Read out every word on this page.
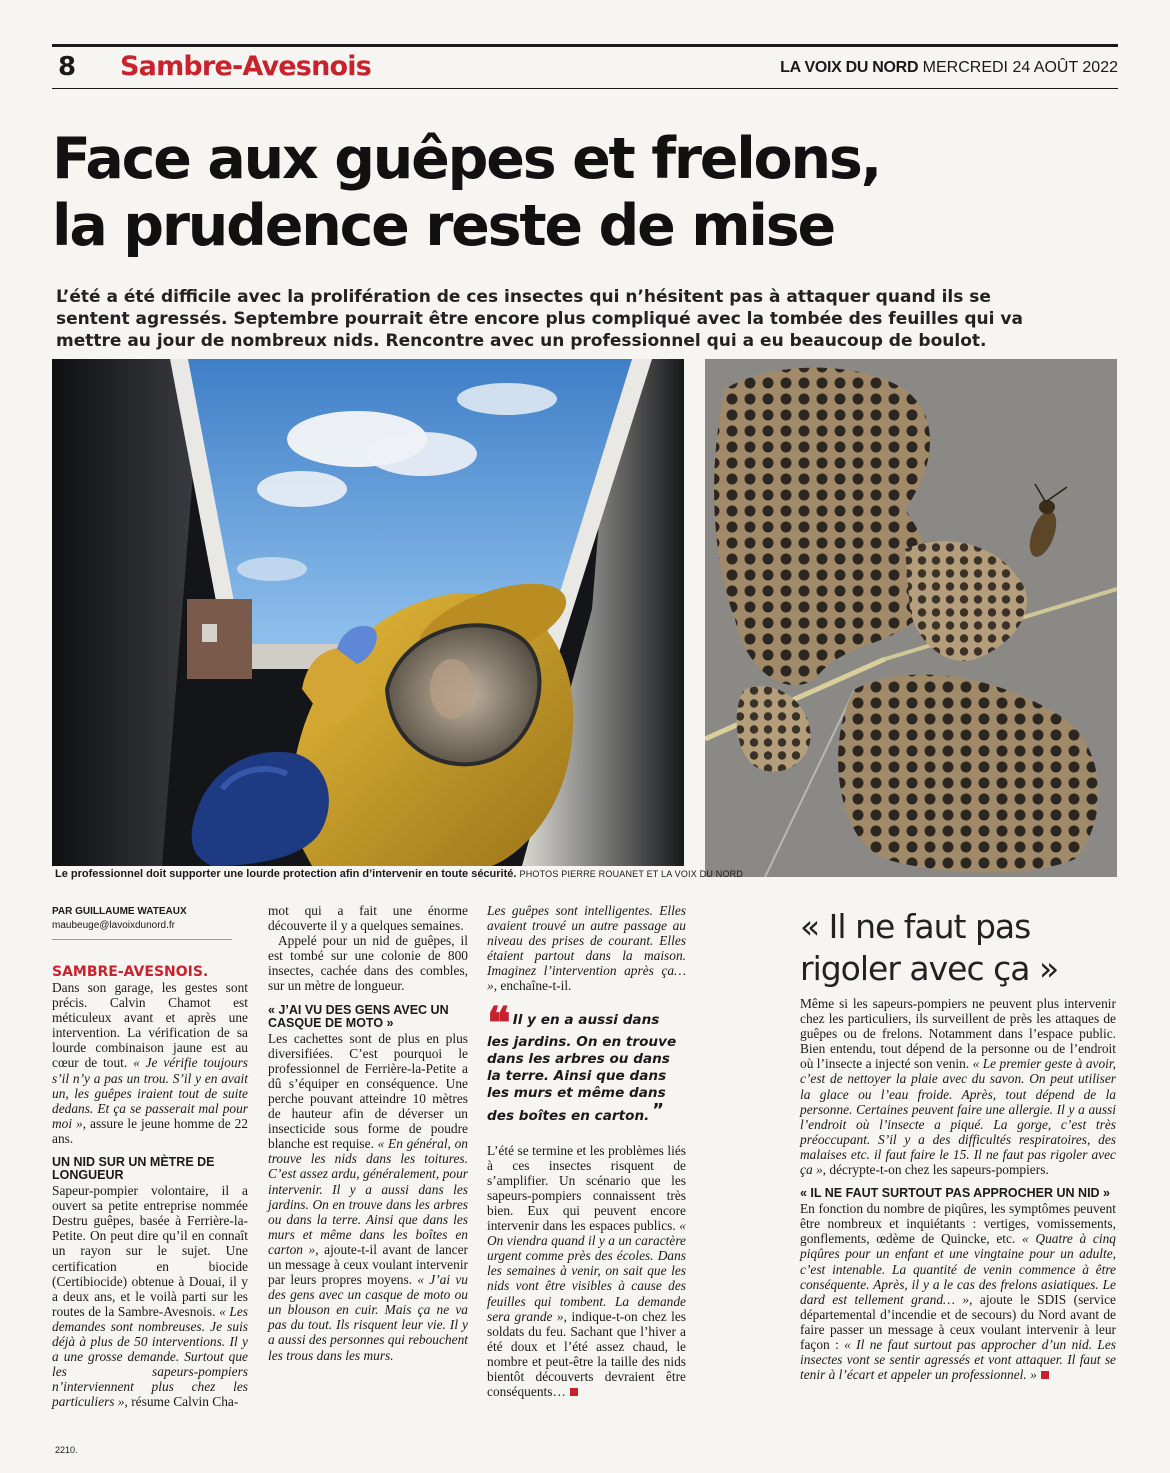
8 Sambre-Avesnois	LA VOIX DU NORD MERCREDI 24 AOÛT 2022
Face aux guêpes et frelons,
la prudence reste de mise

L’été a été difficile avec la prolifération de ces insectes qui n’hésitent pas à attaquer quand ils se sentent agressés. Septembre pourrait être encore plus compliqué avec la tombée des feuilles qui va mettre au jour de nombreux nids. Rencontre avec un professionnel qui a eu beaucoup de boulot.

Le professionnel doit supporter une lourde protection afin d’intervenir en toute sécurité. PHOTOS PIERRE ROUANET ET LA VOIX DU NORD
PAR GUILLAUME WATEAUX
maubeuge@lavoixdunord.fr
SAMBRE-AVESNOIS.

Dans son garage, les gestes sont précis. Calvin Chamot est méticuleux avant et après une intervention. La vérification de sa lourde combinaison jaune est au cœur de tout. « Je vérifie toujours s’il n’y a pas un trou. S’il y en avait un, les guêpes iraient tout de suite dedans. Et ça se passerait mal pour moi », assure le jeune homme de 22 ans.

UN NID SUR UN MÈTRE DE LONGUEUR

Sapeur-pompier volontaire, il a ouvert sa petite entreprise nommée Destru guêpes, basée à Ferrière-la-Petite. On peut dire qu’il en connaît un rayon sur le sujet. Une certification en biocide (Certibiocide) obtenue à Douai, il y a deux ans, et le voilà parti sur les routes de la Sambre-Avesnois. « Les demandes sont nombreuses. Je suis déjà à plus de 50 interventions. Il y a une grosse demande. Surtout que les sapeurs-pompiers n’interviennent plus chez les particuliers », résume Calvin Cha-

mot qui a fait une énorme découverte il y a quelques semaines.

Appelé pour un nid de guêpes, il est tombé sur une colonie de 800 insectes, cachée dans des combles, sur un mètre de longueur.

« J’AI VU DES GENS AVEC UN CASQUE DE MOTO »

Les cachettes sont de plus en plus diversifiées. C’est pourquoi le professionnel de Ferrière-la-Petite a dû s’équiper en conséquence. Une perche pouvant atteindre 10 mètres de hauteur afin de déverser un insecticide sous forme de poudre blanche est requise. « En général, on trouve les nids dans les toitures. C’est assez ardu, généralement, pour intervenir. Il y a aussi dans les jardins. On en trouve dans les arbres ou dans la terre. Ainsi que dans les murs et même dans les boîtes en carton », ajoute-t-il avant de lancer un message à ceux voulant intervenir par leurs propres moyens. « J’ai vu des gens avec un casque de moto ou un blouson en cuir. Mais ça ne va pas du tout. Ils risquent leur vie. Il y a aussi des personnes qui rebouchent les trous dans les murs.

Les guêpes sont intelligentes. Elles avaient trouvé un autre passage au niveau des prises de courant. Elles étaient partout dans la maison. Imaginez l’intervention après ça… », enchaîne-t-il.

❝ Il y en a aussi dans les jardins. On en trouve dans les arbres ou dans la terre. Ainsi que dans les murs et même dans des boîtes en carton. ”

L’été se termine et les problèmes liés à ces insectes risquent de s’amplifier. Un scénario que les sapeurs-pompiers connaissent très bien. Eux qui peuvent encore intervenir dans les espaces publics. « On viendra quand il y a un caractère urgent comme près des écoles. Dans les semaines à venir, on sait que les nids vont être visibles à cause des feuilles qui tombent. La demande sera grande », indique-t-on chez les soldats du feu. Sachant que l’hiver a été doux et l’été assez chaud, le nombre et peut-être la taille des nids bientôt découverts devraient être conséquents…

« Il ne faut pas rigoler avec ça »

Même si les sapeurs-pompiers ne peuvent plus intervenir chez les particuliers, ils surveillent de près les attaques de guêpes ou de frelons. Notamment dans l’espace public. Bien entendu, tout dépend de la personne ou de l’endroit où l’insecte a injecté son venin. « Le premier geste à avoir, c’est de nettoyer la plaie avec du savon. On peut utiliser la glace ou l’eau froide. Après, tout dépend de la personne. Certaines peuvent faire une allergie. Il y a aussi l’endroit où l’insecte a piqué. La gorge, c’est très préoccupant. S’il y a des difficultés respiratoires, des malaises etc. il faut faire le 15. Il ne faut pas rigoler avec ça », décrypte-t-on chez les sapeurs-pompiers.

« IL NE FAUT SURTOUT PAS APPROCHER UN NID »

En fonction du nombre de piqûres, les symptômes peuvent être nombreux et inquiétants : vertiges, vomissements, gonflements, œdème de Quincke, etc. « Quatre à cinq piqûres pour un enfant et une vingtaine pour un adulte, c’est intenable. La quantité de venin commence à être conséquente. Après, il y a le cas des frelons asiatiques. Le dard est tellement grand… », ajoute le SDIS (service départemental d’incendie et de secours) du Nord avant de faire passer un message à ceux voulant intervenir à leur façon : « Il ne faut surtout pas approcher d’un nid. Les insectes vont se sentir agressés et vont attaquer. Il faut se tenir à l’écart et appeler un professionnel. »

2210.
